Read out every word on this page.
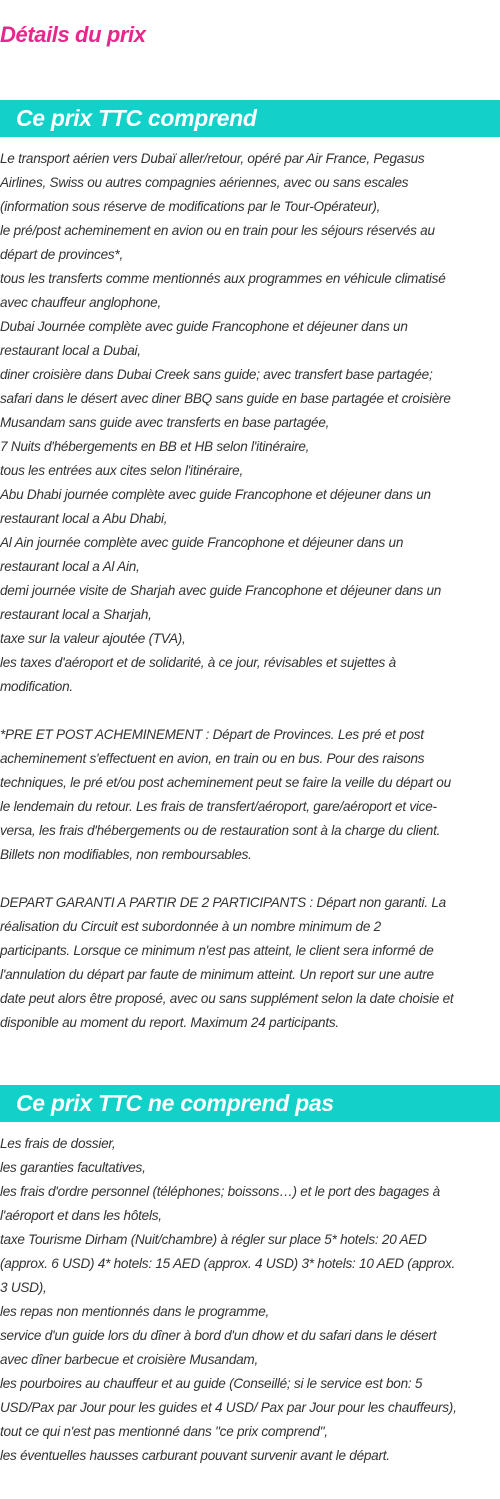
Détails du prix
Ce prix TTC comprend
Le transport aérien vers Dubaï aller/retour, opéré par Air France, Pegasus
Airlines, Swiss ou autres compagnies aériennes, avec ou sans escales
(information sous réserve de modifications par le Tour-Opérateur),
le pré/post acheminement en avion ou en train pour les séjours réservés au
départ de provinces*,
tous les transferts comme mentionnés aux programmes en véhicule climatisé
avec chauffeur anglophone,
Dubai Journée complète avec guide Francophone et déjeuner dans un
restaurant local a Dubai,
diner croisière dans Dubai Creek sans guide; avec transfert base partagée;
safari dans le désert avec diner BBQ sans guide en base partagée et croisière
Musandam sans guide avec transferts en base partagée,
7 Nuits d'hébergements en BB et HB selon l'itinéraire,
tous les entrées aux cites selon l'itinéraire,
Abu Dhabi journée complète avec guide Francophone et déjeuner dans un
restaurant local a Abu Dhabi,
Al Ain journée complète avec guide Francophone et déjeuner dans un
restaurant local a Al Ain,
demi journée visite de Sharjah avec guide Francophone et déjeuner dans un
restaurant local a Sharjah,
taxe sur la valeur ajoutée (TVA),
les taxes d'aéroport et de solidarité, à ce jour, révisables et sujettes à
modification.
*PRE ET POST ACHEMINEMENT : Départ de Provinces. Les pré et post
acheminement s'effectuent en avion, en train ou en bus. Pour des raisons
techniques, le pré et/ou post acheminement peut se faire la veille du départ ou
le lendemain du retour. Les frais de transfert/aéroport, gare/aéroport et vice-
versa, les frais d'hébergements ou de restauration sont à la charge du client.
Billets non modifiables, non remboursables.
DEPART GARANTI A PARTIR DE 2 PARTICIPANTS : Départ non garanti. La
réalisation du Circuit est subordonnée à un nombre minimum de 2
participants. Lorsque ce minimum n'est pas atteint, le client sera informé de
l'annulation du départ par faute de minimum atteint. Un report sur une autre
date peut alors être proposé, avec ou sans supplément selon la date choisie et
disponible au moment du report. Maximum 24 participants.
Ce prix TTC ne comprend pas
Les frais de dossier,
les garanties facultatives,
les frais d'ordre personnel (téléphones; boissons…) et le port des bagages à
l'aéroport et dans les hôtels,
taxe Tourisme Dirham (Nuit/chambre) à régler sur place 5* hotels: 20 AED
(approx. 6 USD) 4* hotels: 15 AED (approx. 4 USD) 3* hotels: 10 AED (approx.
3 USD),
les repas non mentionnés dans le programme,
service d'un guide lors du dîner à bord d'un dhow et du safari dans le désert
avec dîner barbecue et croisière Musandam,
les pourboires au chauffeur et au guide (Conseillé; si le service est bon: 5
USD/Pax par Jour pour les guides et 4 USD/ Pax par Jour pour les chauffeurs),
tout ce qui n'est pas mentionné dans "ce prix comprend",
les éventuelles hausses carburant pouvant survenir avant le départ.
